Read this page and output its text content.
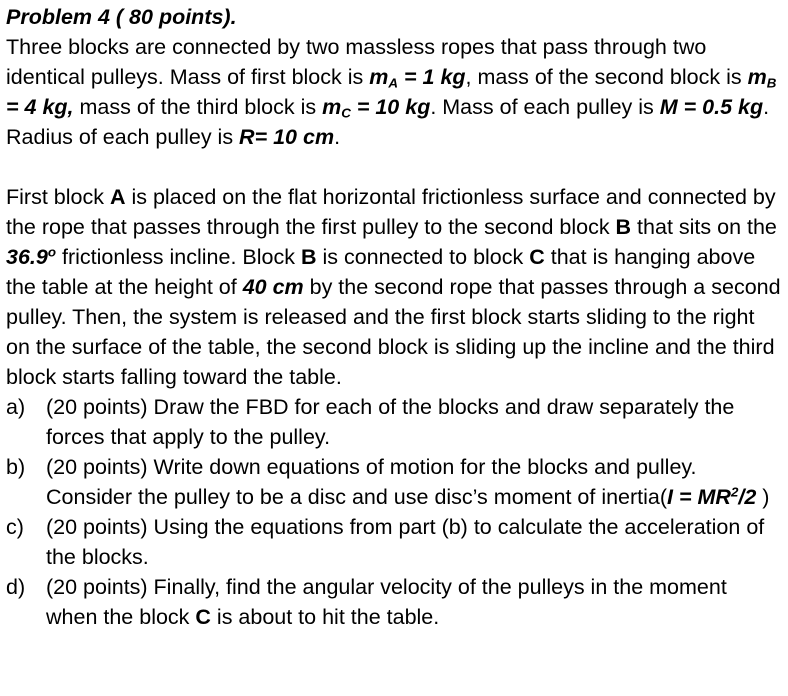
Problem 4 ( 80 points).

Three blocks are connected by two massless ropes that pass through two identical pulleys. Mass of first block is $m_A = 1$ kg, mass of the second block is $m_B = 4$ kg, mass of the third block is $m_C = 10$ kg. Mass of each pulley is M = 0.5 kg. Radius of each pulley is R= 10 cm.

First block A is placed on the flat horizontal frictionless surface and connected by the rope that passes through the first pulley to the second block B that sits on the 36.9$^o$ frictionless incline. Block B is connected to block C that is hanging above the table at the height of 40 cm by the second rope that passes through a second pulley. Then, the system is released and the first block starts sliding to the right on the surface of the table, the second block is sliding up the incline and the third block starts falling toward the table.

a) (20 points) Draw the FBD for each of the blocks and draw separately the forces that apply to the pulley.
b) (20 points) Write down equations of motion for the blocks and pulley. Consider the pulley to be a disc and use disc’s moment of inertia(I = $MR^2/2$ )
c) (20 points) Using the equations from part (b) to calculate the acceleration of the blocks.
d) (20 points) Finally, find the angular velocity of the pulleys in the moment when the block C is about to hit the table.
